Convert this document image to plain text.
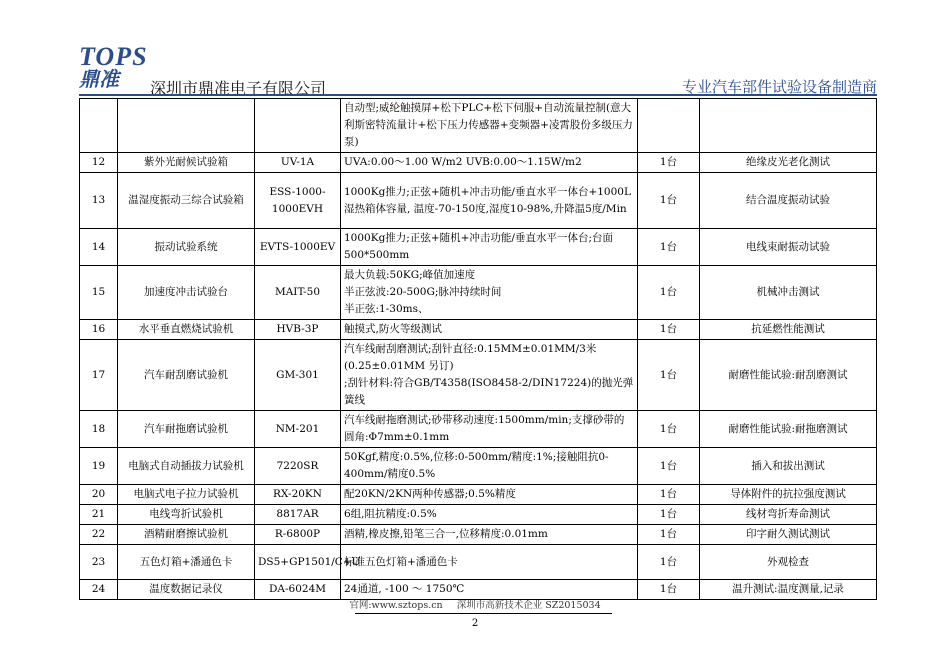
TOPS
鼎准	深圳市鼎准电子有限公司	专业汽车部件试验设备制造商
			自动型;威纶触摸屏+松下PLC+松下伺服+自动流量控制(意大利斯密特流量计+松下压力传感器+变频器+凌霄股份多级压力泵)		
12	紫外光耐候试验箱	UV-1A	UVA:0.00～1.00 W/m2 UVB:0.00～1.15W/m2	1台	绝缘皮光老化测试
13	温湿度振动三综合试验箱	ESS-1000-1000EVH	1000Kg推力;正弦+随机+冲击功能/垂直水平一体台+1000L湿热箱体容量, 温度-70-150度,湿度10-98%,升降温5度/Min	1台	结合温度振动试验
14	振动试验系统	EVTS-1000EV	1000Kg推力;正弦+随机+冲击功能/垂直水平一体台;台面500*500mm	1台	电线束耐振动试验
15	加速度冲击试验台	MAIT-50	最大负载:50KG;峰值加速度
半正弦波:20-500G;脉冲持续时间
半正弦:1-30ms、	1台	机械冲击测试
16	水平垂直燃烧试验机	HVB-3P	触摸式,防火等级测试	1台	抗延燃性能测试
17	汽车耐刮磨试验机	GM-301	汽车线耐刮磨测试;刮针直径:0.15MM±0.01MM/3米(0.25±0.01MM 另订)
;刮针材料:符合GB/T4358(ISO8458-2/DIN17224)的抛光弹簧线	1台	耐磨性能试验:耐刮磨测试
18	汽车耐拖磨试验机	NM-201	汽车线耐拖磨测试;砂带移动速度:1500mm/min;支撑砂带的圆角:Φ7mm±0.1mm	1台	耐磨性能试验:耐拖磨测试
19	电脑式自动插拔力试验机	7220SR	50Kgf,精度:0.5%,位移:0-500mm/精度:1%;接触阻抗0-400mm/精度0.5%	1台	插入和拔出测试
20	电脑式电子拉力试验机	RX-20KN	配20KN/2KN两种传感器;0.5%精度	1台	导体附件的抗拉强度测试
21	电线弯折试验机	8817AR	6组,阻抗精度:0.5%	1台	线材弯折寿命测试
22	酒精耐磨擦试验机	R-6800P	酒精,橡皮擦,铅笔三合一,位移精度:0.01mm	1台	印字耐久测试测试
23	五色灯箱+潘通色卡	DS5+GP1501/C+U	标准五色灯箱+潘通色卡	1台	外观检查
24	温度数据记录仪	DA-6024M	24通道, -100 ～ 1750℃	1台	温升测试:温度测量,记录
官网:www.sztops.cn 深圳市高新技术企业 SZ2015034
2
